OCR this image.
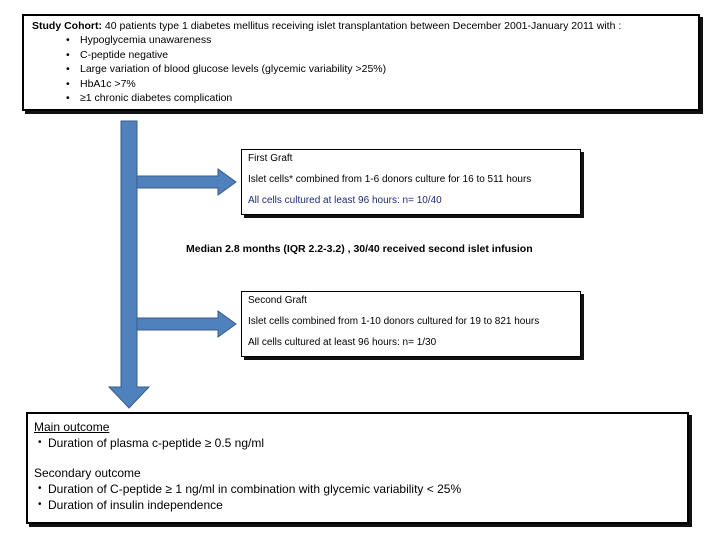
Study Cohort: 40 patients type 1 diabetes mellitus receiving islet transplantation between December 2001-January 2011 with :
• Hypoglycemia unawareness
• C-peptide negative
• Large variation of blood glucose levels (glycemic variability >25%)
• HbA1c >7%
• ≥1 chronic diabetes complication
First Graft
Islet cells* combined from 1-6 donors culture for 16 to 511 hours
All cells cultured at least 96 hours: n= 10/40
Median 2.8 months (IQR 2.2-3.2) , 30/40 received second islet infusion
Second Graft
Islet cells combined from 1-10 donors cultured for 19 to 821 hours
All cells cultured at least 96 hours: n= 1/30
Main outcome
• Duration of plasma c-peptide ≥ 0.5 ng/ml
Secondary outcome
• Duration of C-peptide ≥ 1 ng/ml in combination with glycemic variability < 25%
• Duration of insulin independence
